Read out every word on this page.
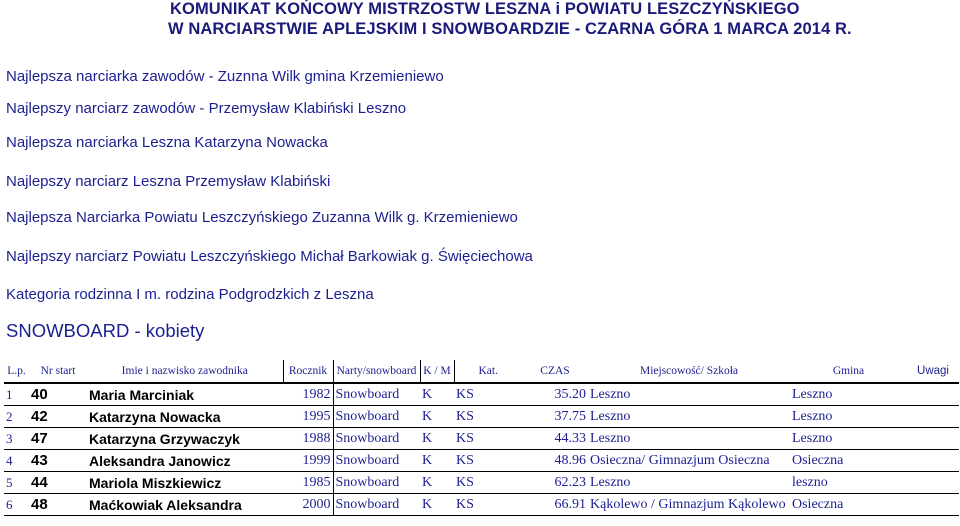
KOMUNIKAT KOŃCOWY MISTRZOSTW LESZNA i POWIATU LESZCZYŃSKIEGO
W NARCIARSTWIE APLEJSKIM I SNOWBOARDZIE - CZARNA GÓRA 1 MARCA 2014 R.
Najlepsza narciarka zawodów - Zuznna Wilk gmina Krzemieniewo
Najlepszy narciarz zawodów - Przemysław Klabiński Leszno
Najlepsza narciarka Leszna Katarzyna Nowacka
Najlepszy narciarz Leszna Przemysław Klabiński
Najlepsza Narciarka Powiatu Leszczyńskiego Zuzanna Wilk g. Krzemieniewo
Najlepszy narciarz Powiatu Leszczyńskiego Michał Barkowiak g. Święciechowa
Kategoria rodzinna I m. rodzina Podgrodzkich z Leszna
SNOWBOARD - kobiety
L.p.	Nr start	Imie i nazwisko zawodnika	Rocznik	Narty/snowboard	K / M	Kat.	CZAS	Miejscowość/ Szkoła	Gmina	Uwagi
1	40	Maria Marciniak	1982	Snowboard	K	KS	35.20	Leszno	Leszno	
2	42	Katarzyna Nowacka	1995	Snowboard	K	KS	37.75	Leszno	Leszno	
3	47	Katarzyna Grzywaczyk	1988	Snowboard	K	KS	44.33	Leszno	Leszno	
4	43	Aleksandra Janowicz	1999	Snowboard	K	KS	48.96	Osieczna/ Gimnazjum Osieczna	Osieczna	
5	44	Mariola Miszkiewicz	1985	Snowboard	K	KS	62.23	Leszno	leszno	
6	48	Maćkowiak Aleksandra	2000	Snowboard	K	KS	66.91	Kąkolewo / Gimnazjum Kąkolewo	Osieczna	
